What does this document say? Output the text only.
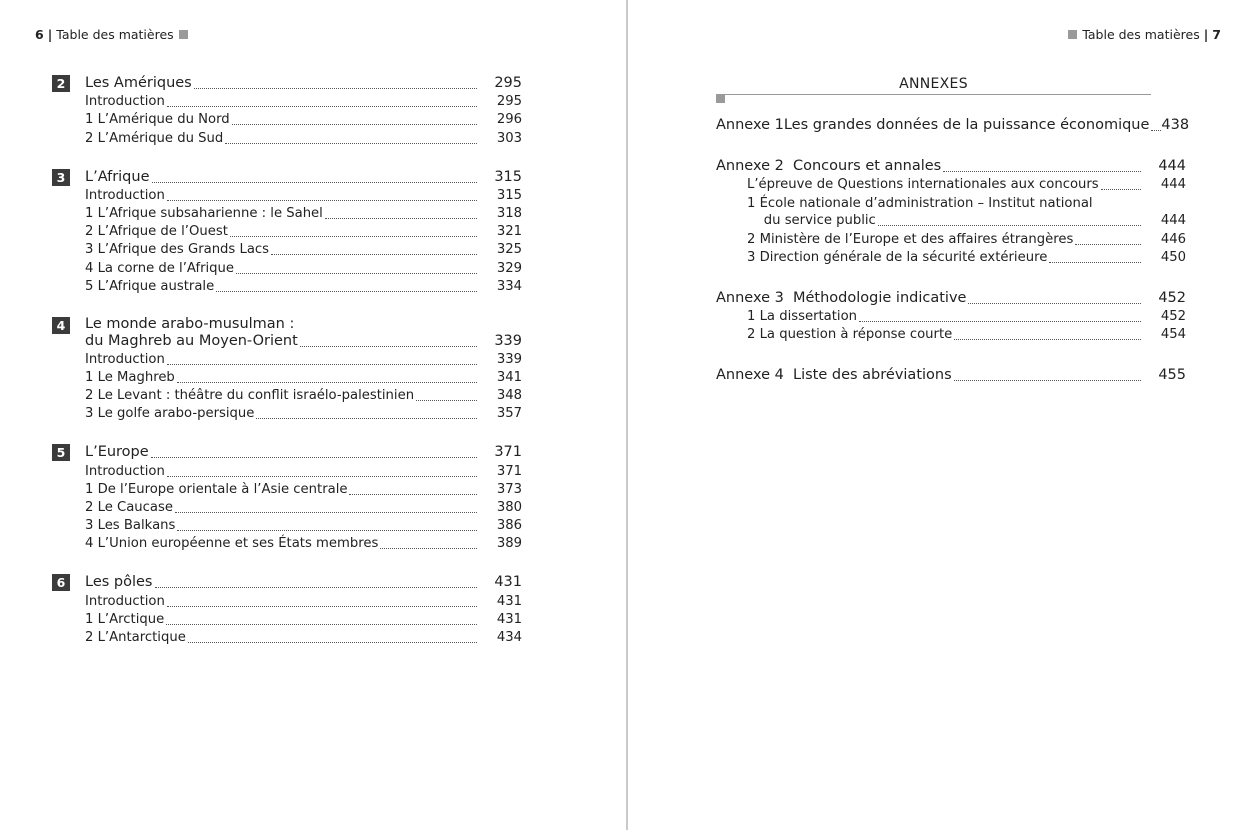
6 | Table des matières
2	Les Amériques	295
Introduction	295
1 L’Amérique du Nord	296
2 L’Amérique du Sud	303
3	L’Afrique	315
Introduction	315
1 L’Afrique subsaharienne : le Sahel	318
2 L’Afrique de l’Ouest	321
3 L’Afrique des Grands Lacs	325
4 La corne de l’Afrique	329
5 L’Afrique australe	334
4	Le monde arabo-musulman :
du Maghreb au Moyen-Orient	339
Introduction	339
1 Le Maghreb	341
2 Le Levant : théâtre du conflit israélo-palestinien	348
3 Le golfe arabo-persique	357
5	L’Europe	371
Introduction	371
1 De l’Europe orientale à l’Asie centrale	373
2 Le Caucase	380
3 Les Balkans	386
4 L’Union européenne et ses États membres	389
6	Les pôles	431
Introduction	431
1 L’Arctique	431
2 L’Antarctique	434
Table des matières | 7
ANNEXES
Annexe 1 Les grandes données de la puissance économique 438
Annexe 2 Concours et annales	444
L’épreuve de Questions internationales aux concours	444
1 École nationale d’administration – Institut national
du service public	444
2 Ministère de l’Europe et des affaires étrangères	446
3 Direction générale de la sécurité extérieure	450
Annexe 3 Méthodologie indicative	452
1 La dissertation	452
2 La question à réponse courte	454
Annexe 4 Liste des abréviations	455
